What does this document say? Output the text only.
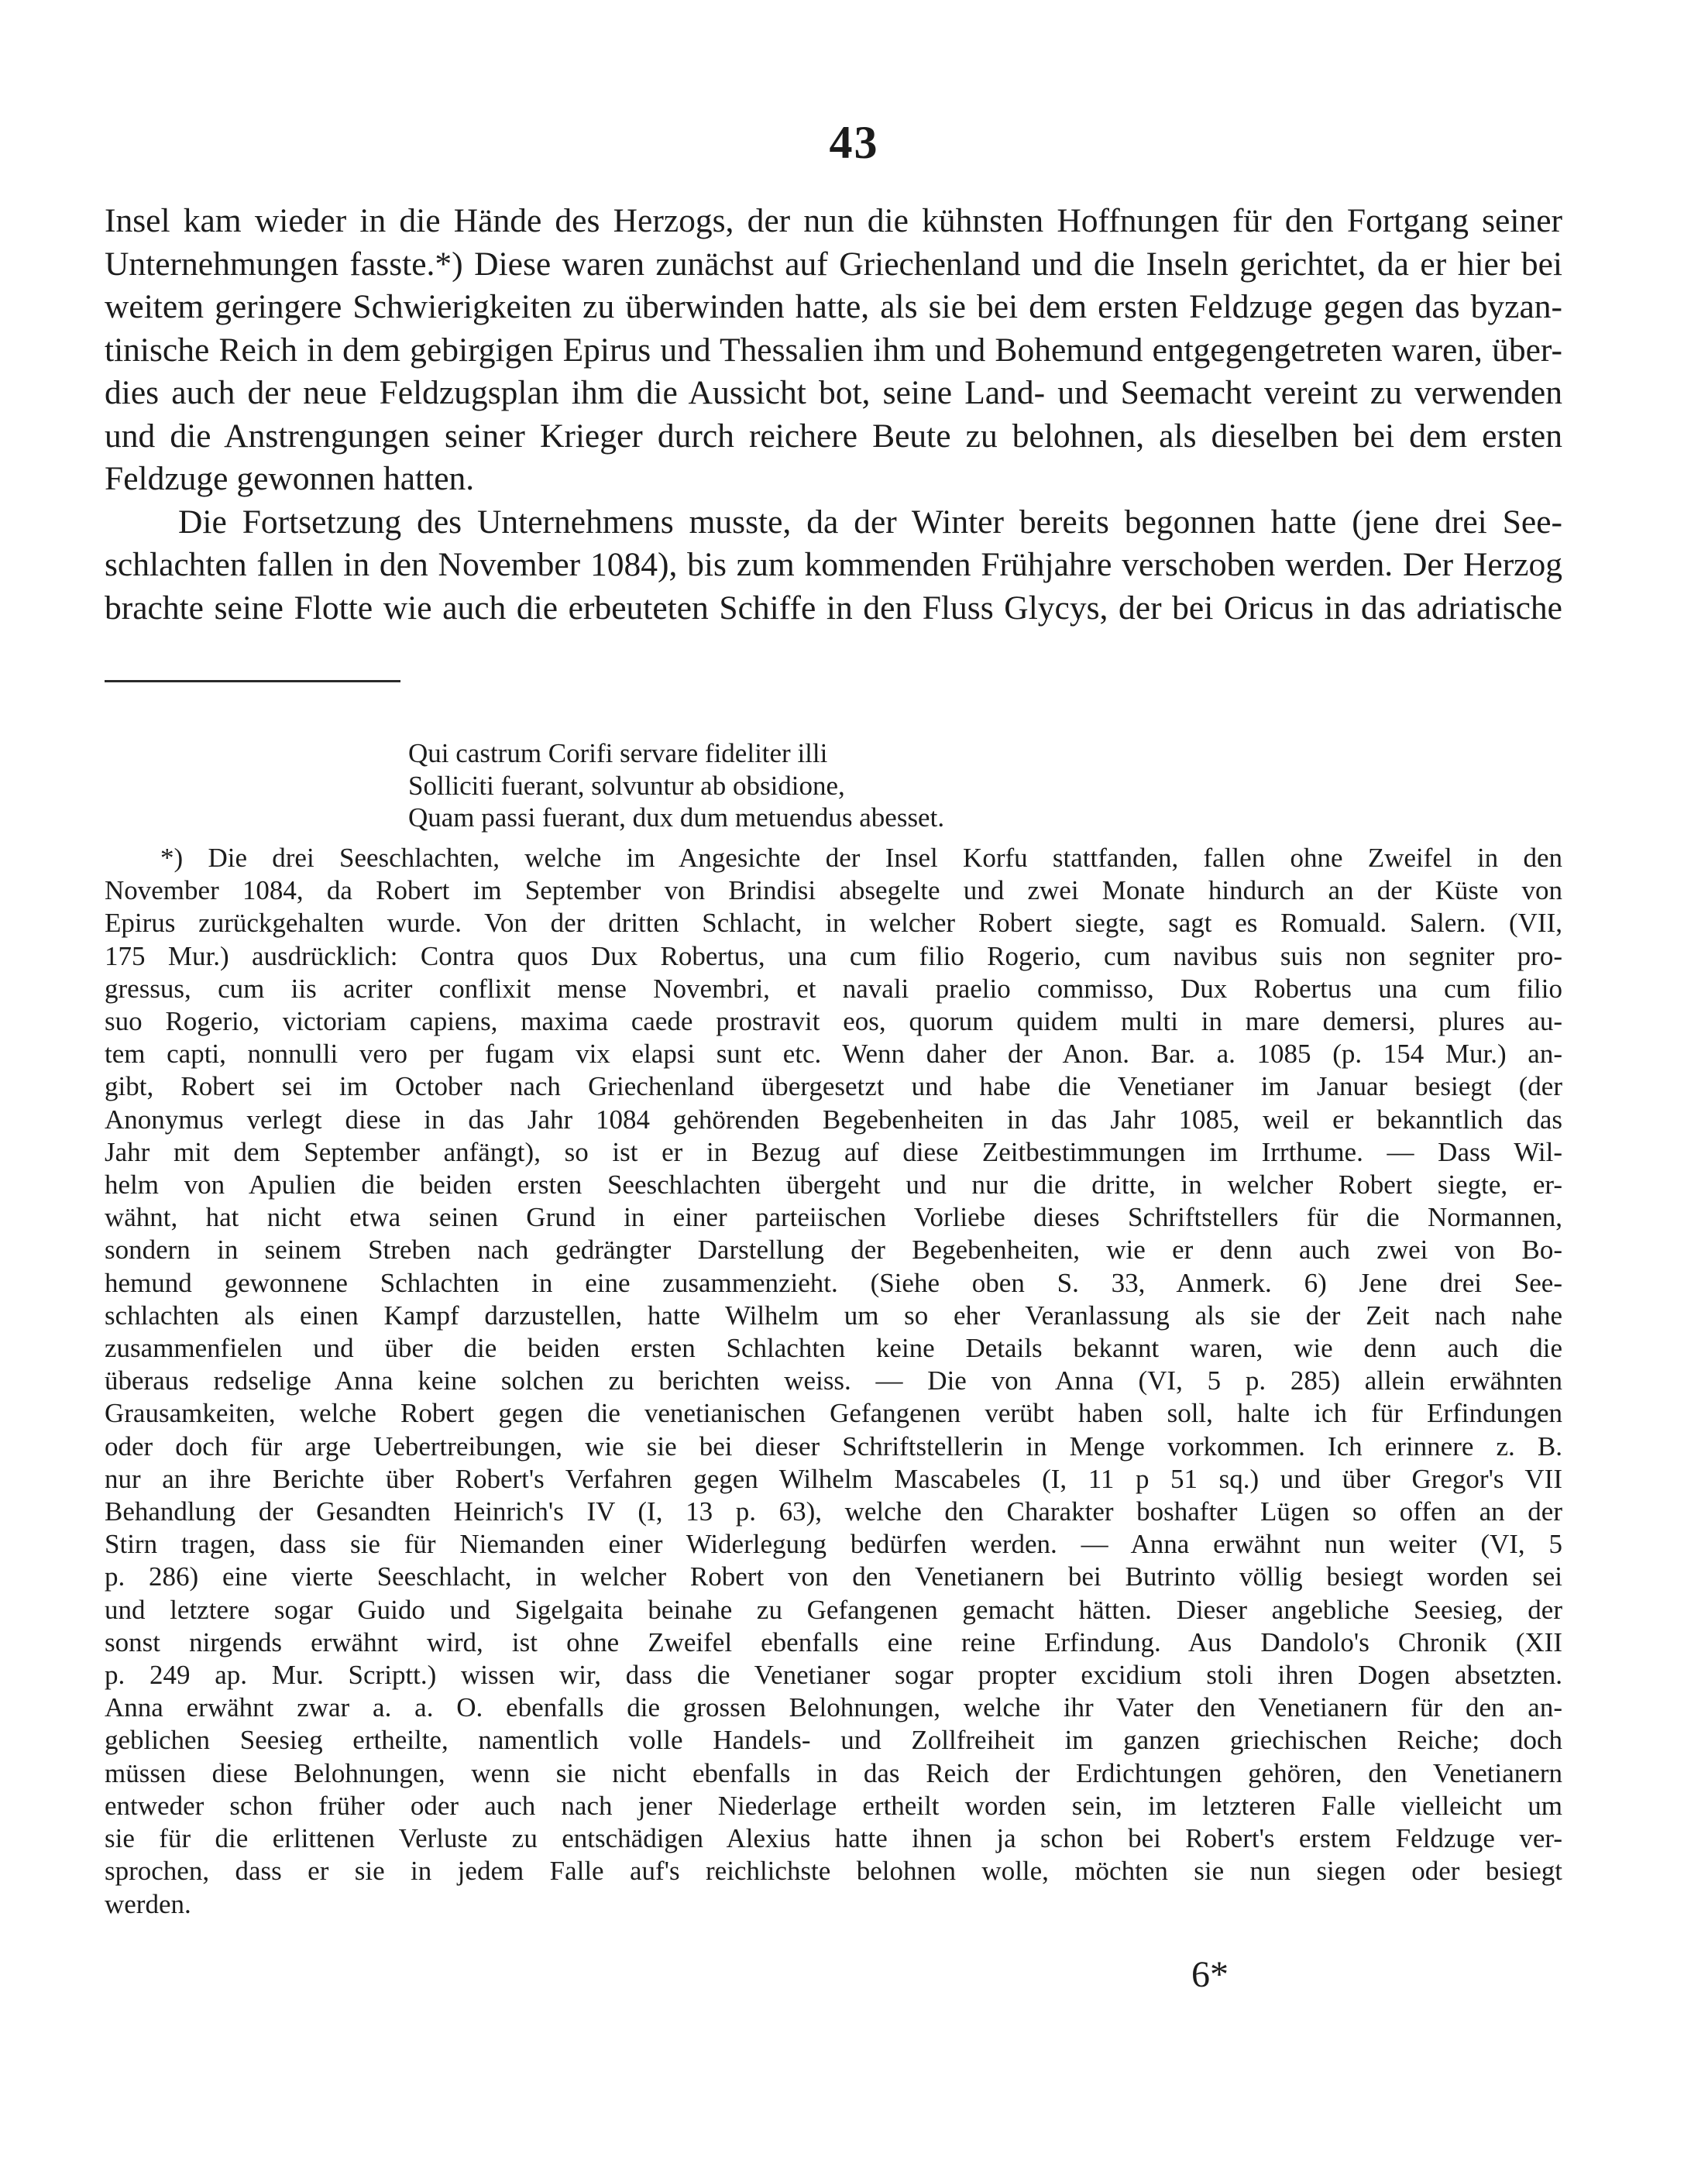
43

Insel kam wieder in die Hände des Herzogs, der nun die kühnsten Hoffnungen für den Fortgang seiner

Unternehmungen fasste.*) Diese waren zunächst auf Griechenland und die Inseln gerichtet, da er hier bei

weitem geringere Schwierigkeiten zu überwinden hatte, als sie bei dem ersten Feldzuge gegen das byzan-

tinische Reich in dem gebirgigen Epirus und Thessalien ihm und Bohemund entgegengetreten waren, über-

dies auch der neue Feldzugsplan ihm die Aussicht bot, seine Land- und Seemacht vereint zu verwenden

und die Anstrengungen seiner Krieger durch reichere Beute zu belohnen, als dieselben bei dem ersten

Feldzuge gewonnen hatten.

Die Fortsetzung des Unternehmens musste, da der Winter bereits begonnen hatte (jene drei See-

schlachten fallen in den November 1084), bis zum kommenden Frühjahre verschoben werden. Der Herzog

brachte seine Flotte wie auch die erbeuteten Schiffe in den Fluss Glycys, der bei Oricus in das adriatische

Qui castrum Corifi servare fideliter illi

Solliciti fuerant, solvuntur ab obsidione,

Quam passi fuerant, dux dum metuendus abesset.

*) Die drei Seeschlachten, welche im Angesichte der Insel Korfu stattfanden, fallen ohne Zweifel in den

November 1084, da Robert im September von Brindisi absegelte und zwei Monate hindurch an der Küste von

Epirus zurückgehalten wurde. Von der dritten Schlacht, in welcher Robert siegte, sagt es Romuald. Salern. (VII,

175 Mur.) ausdrücklich: Contra quos Dux Robertus, una cum filio Rogerio, cum navibus suis non segniter pro-

gressus, cum iis acriter conflixit mense Novembri, et navali praelio commisso, Dux Robertus una cum filio

suo Rogerio, victoriam capiens, maxima caede prostravit eos, quorum quidem multi in mare demersi, plures au-

tem capti, nonnulli vero per fugam vix elapsi sunt etc. Wenn daher der Anon. Bar. a. 1085 (p. 154 Mur.) an-

gibt, Robert sei im October nach Griechenland übergesetzt und habe die Venetianer im Januar besiegt (der

Anonymus verlegt diese in das Jahr 1084 gehörenden Begebenheiten in das Jahr 1085, weil er bekanntlich das

Jahr mit dem September anfängt), so ist er in Bezug auf diese Zeitbestimmungen im Irrthume. — Dass Wil-

helm von Apulien die beiden ersten Seeschlachten übergeht und nur die dritte, in welcher Robert siegte, er-

wähnt, hat nicht etwa seinen Grund in einer parteiischen Vorliebe dieses Schriftstellers für die Normannen,

sondern in seinem Streben nach gedrängter Darstellung der Begebenheiten, wie er denn auch zwei von Bo-

hemund gewonnene Schlachten in eine zusammenzieht. (Siehe oben S. 33, Anmerk. 6) Jene drei See-

schlachten als einen Kampf darzustellen, hatte Wilhelm um so eher Veranlassung als sie der Zeit nach nahe

zusammenfielen und über die beiden ersten Schlachten keine Details bekannt waren, wie denn auch die

überaus redselige Anna keine solchen zu berichten weiss. — Die von Anna (VI, 5 p. 285) allein erwähnten

Grausamkeiten, welche Robert gegen die venetianischen Gefangenen verübt haben soll, halte ich für Erfindungen

oder doch für arge Uebertreibungen, wie sie bei dieser Schriftstellerin in Menge vorkommen. Ich erinnere z. B.

nur an ihre Berichte über Robert's Verfahren gegen Wilhelm Mascabeles (I, 11 p 51 sq.) und über Gregor's VII

Behandlung der Gesandten Heinrich's IV (I, 13 p. 63), welche den Charakter boshafter Lügen so offen an der

Stirn tragen, dass sie für Niemanden einer Widerlegung bedürfen werden. — Anna erwähnt nun weiter (VI, 5

p. 286) eine vierte Seeschlacht, in welcher Robert von den Venetianern bei Butrinto völlig besiegt worden sei

und letztere sogar Guido und Sigelgaita beinahe zu Gefangenen gemacht hätten. Dieser angebliche Seesieg, der

sonst nirgends erwähnt wird, ist ohne Zweifel ebenfalls eine reine Erfindung. Aus Dandolo's Chronik (XII

p. 249 ap. Mur. Scriptt.) wissen wir, dass die Venetianer sogar propter excidium stoli ihren Dogen absetzten.

Anna erwähnt zwar a. a. O. ebenfalls die grossen Belohnungen, welche ihr Vater den Venetianern für den an-

geblichen Seesieg ertheilte, namentlich volle Handels- und Zollfreiheit im ganzen griechischen Reiche; doch

müssen diese Belohnungen, wenn sie nicht ebenfalls in das Reich der Erdichtungen gehören, den Venetianern

entweder schon früher oder auch nach jener Niederlage ertheilt worden sein, im letzteren Falle vielleicht um

sie für die erlittenen Verluste zu entschädigen Alexius hatte ihnen ja schon bei Robert's erstem Feldzuge ver-

sprochen, dass er sie in jedem Falle auf's reichlichste belohnen wolle, möchten sie nun siegen oder besiegt

werden.

6*
